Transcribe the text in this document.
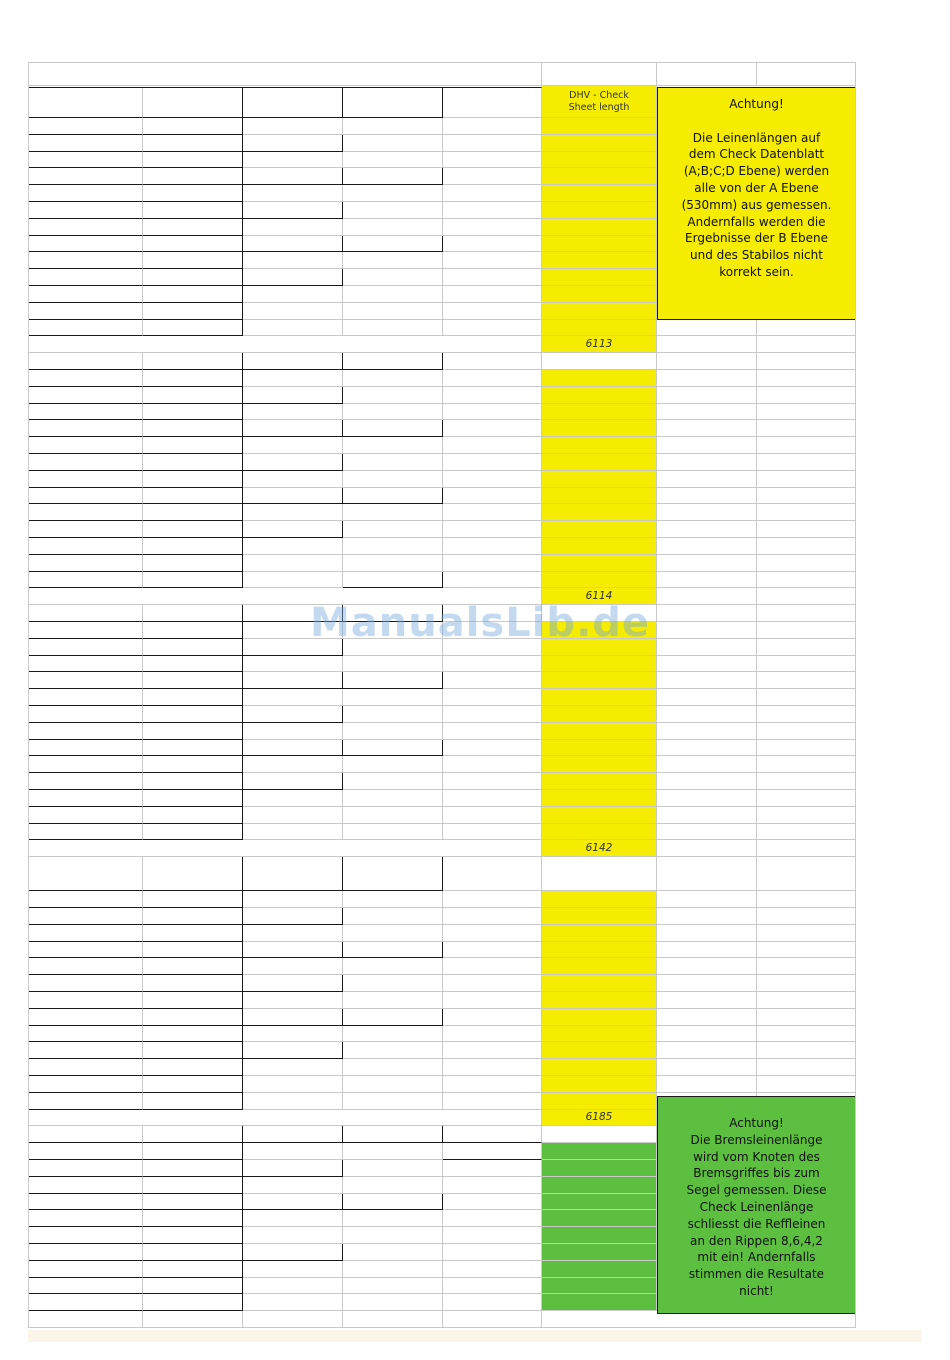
DHV - Check
Sheet length
6113
6114
6142
6185
Achtung!

Die Leinenlängen auf
dem Check Datenblatt
(A;B;C;D Ebene) werden
alle von der A Ebene
(530mm) aus gemessen.
Andernfalls werden die
Ergebnisse der B Ebene
und des Stabilos nicht
korrekt sein.
Achtung!
Die Bremsleinenlänge
wird vom Knoten des
Bremsgriffes bis zum
Segel gemessen. Diese
Check Leinenlänge
schliesst die Reffleinen
an den Rippen 8,6,4,2
mit ein! Andernfalls
stimmen die Resultate
nicht!
ManualsLib.de
